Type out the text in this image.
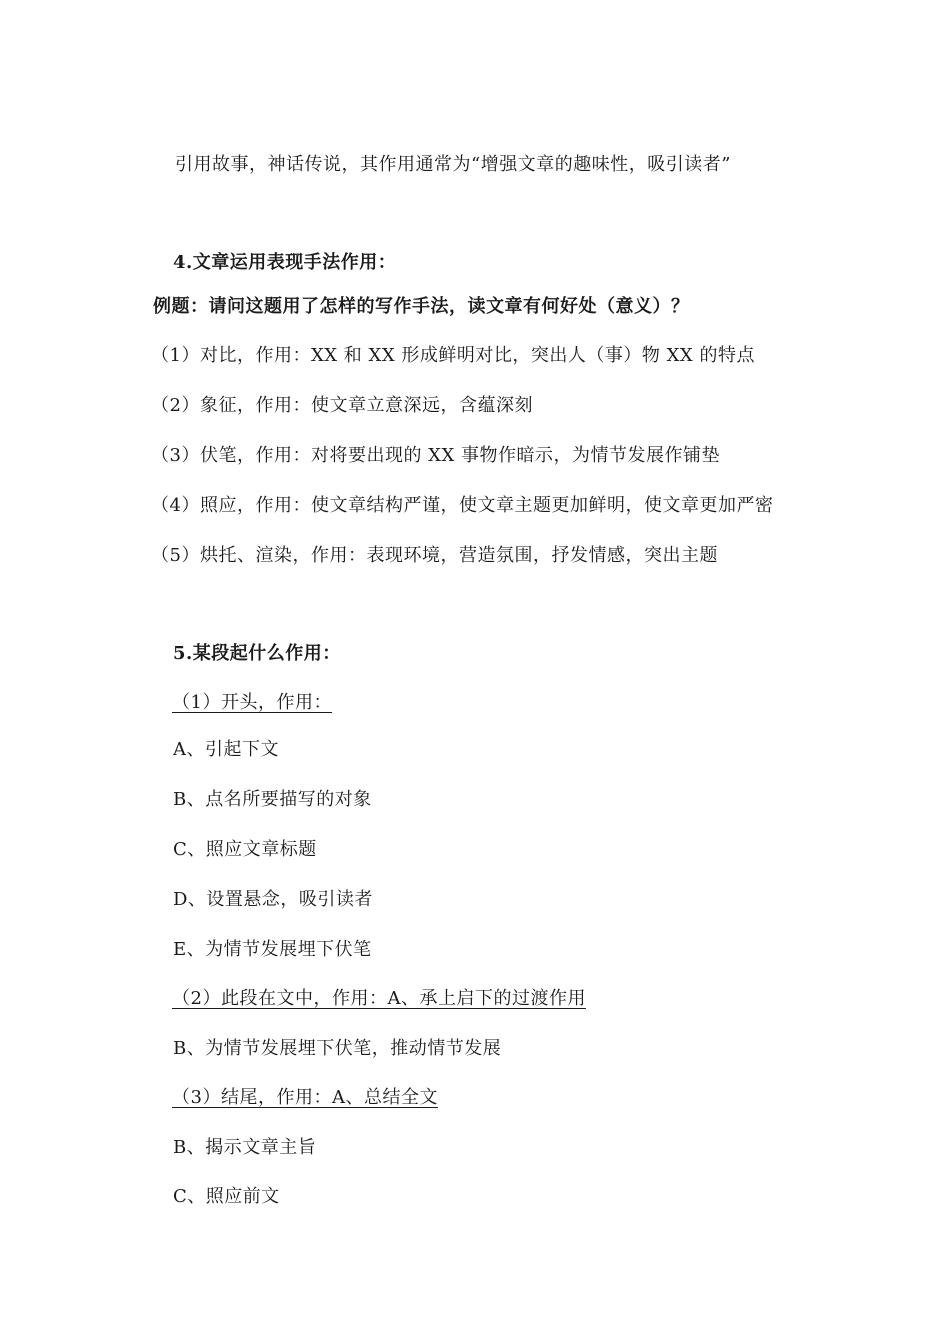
引用故事，神话传说，其作用通常为“增强文章的趣味性，吸引读者”
4.文章运用表现手法作用：
例题：请问这题用了怎样的写作手法，读文章有何好处（意义）？
（1）对比，作用：XX 和 XX 形成鲜明对比，突出人（事）物 XX 的特点
（2）象征，作用：使文章立意深远，含蕴深刻
（3）伏笔，作用：对将要出现的 XX 事物作暗示，为情节发展作铺垫
（4）照应，作用：使文章结构严谨，使文章主题更加鲜明，使文章更加严密
（5）烘托、渲染，作用：表现环境，营造氛围，抒发情感，突出主题
5.某段起什么作用：
（1）开头，作用：
A、引起下文
B、点名所要描写的对象
C、照应文章标题
D、设置悬念，吸引读者
E、为情节发展埋下伏笔
（2）此段在文中，作用：A、承上启下的过渡作用
B、为情节发展埋下伏笔，推动情节发展
（3）结尾，作用：A、总结全文
B、揭示文章主旨
C、照应前文
